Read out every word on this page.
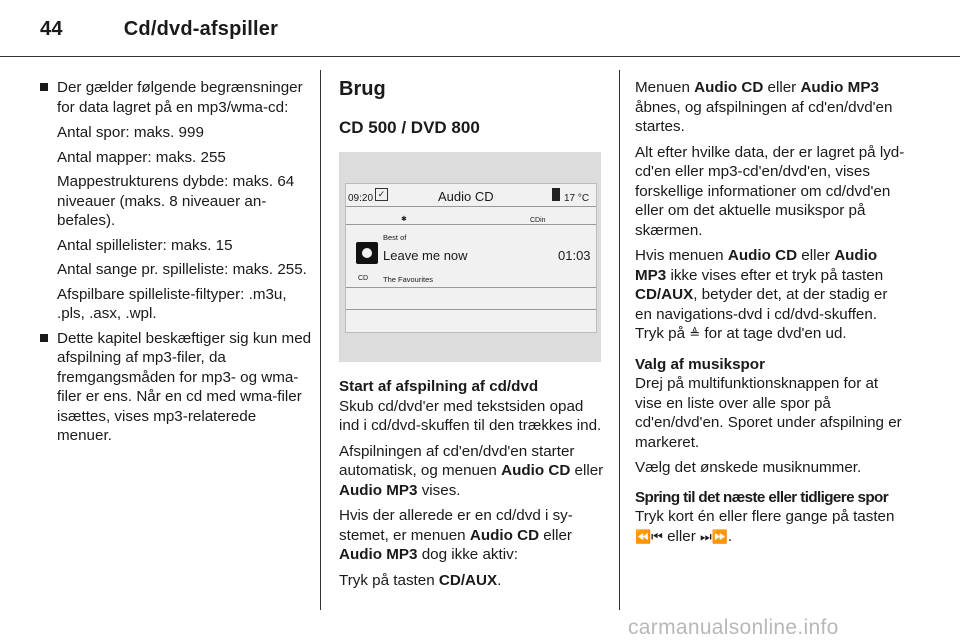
44	Cd/dvd-afspiller
Der gælder følgende begrænsninger for data lagret på en mp3/wma-cd:

Antal spor: maks. 999

Antal mapper: maks. 255

Mappestrukturens dybde: maks. 64 niveauer (maks. 8 niveauer anbefales).

Antal spillelister: maks. 15

Antal sange pr. spilleliste: maks. 255.

Afspilbare spilleliste-filtyper: .m3u, .pls, .asx, .wpl.

Dette kapitel beskæftiger sig kun med afspilning af mp3-filer, da fremgangsmåden for mp3- og wma-filer er ens. Når en cd med wma-filer isættes, vises mp3-relaterede menuer.
Brug
CD 500 / DVD 800
09:20 ✓	Audio CD	17 °C
✱	CDin
Best of
CD
Leave me now	01:03
The Favourites

Start af afspilning af cd/dvd

Skub cd/dvd'er med tekstsiden opad ind i cd/dvd-skuffen til den trækkes ind.

Afspilningen af cd'en/dvd'en starter automatisk, og menuen Audio CD eller Audio MP3 vises.

Hvis der allerede er en cd/dvd i systemet, er menuen Audio CD eller Audio MP3 dog ikke aktiv:

Tryk på tasten CD/AUX.

Menuen Audio CD eller Audio MP3 åbnes, og afspilningen af cd'en/dvd'en startes.

Alt efter hvilke data, der er lagret på lyd-cd'en eller mp3-cd'en/dvd'en, vises forskellige informationer om cd/dvd'en eller om det aktuelle musikspor på skærmen.

Hvis menuen Audio CD eller Audio MP3 ikke vises efter et tryk på tasten CD/AUX, betyder det, at der stadig er en navigations-dvd i cd/dvd-skuffen. Tryk på ≜ for at tage dvd'en ud.

Valg af musikspor

Drej på multifunktionsknappen for at vise en liste over alle spor på cd'en/dvd'en. Sporet under afspilning er markeret.

Vælg det ønskede musiknummer.

Spring til det næste eller tidligere spor

Tryk kort én eller flere gange på tasten ⏪⏮ eller ⏭⏩.

carmanualsonline.info
